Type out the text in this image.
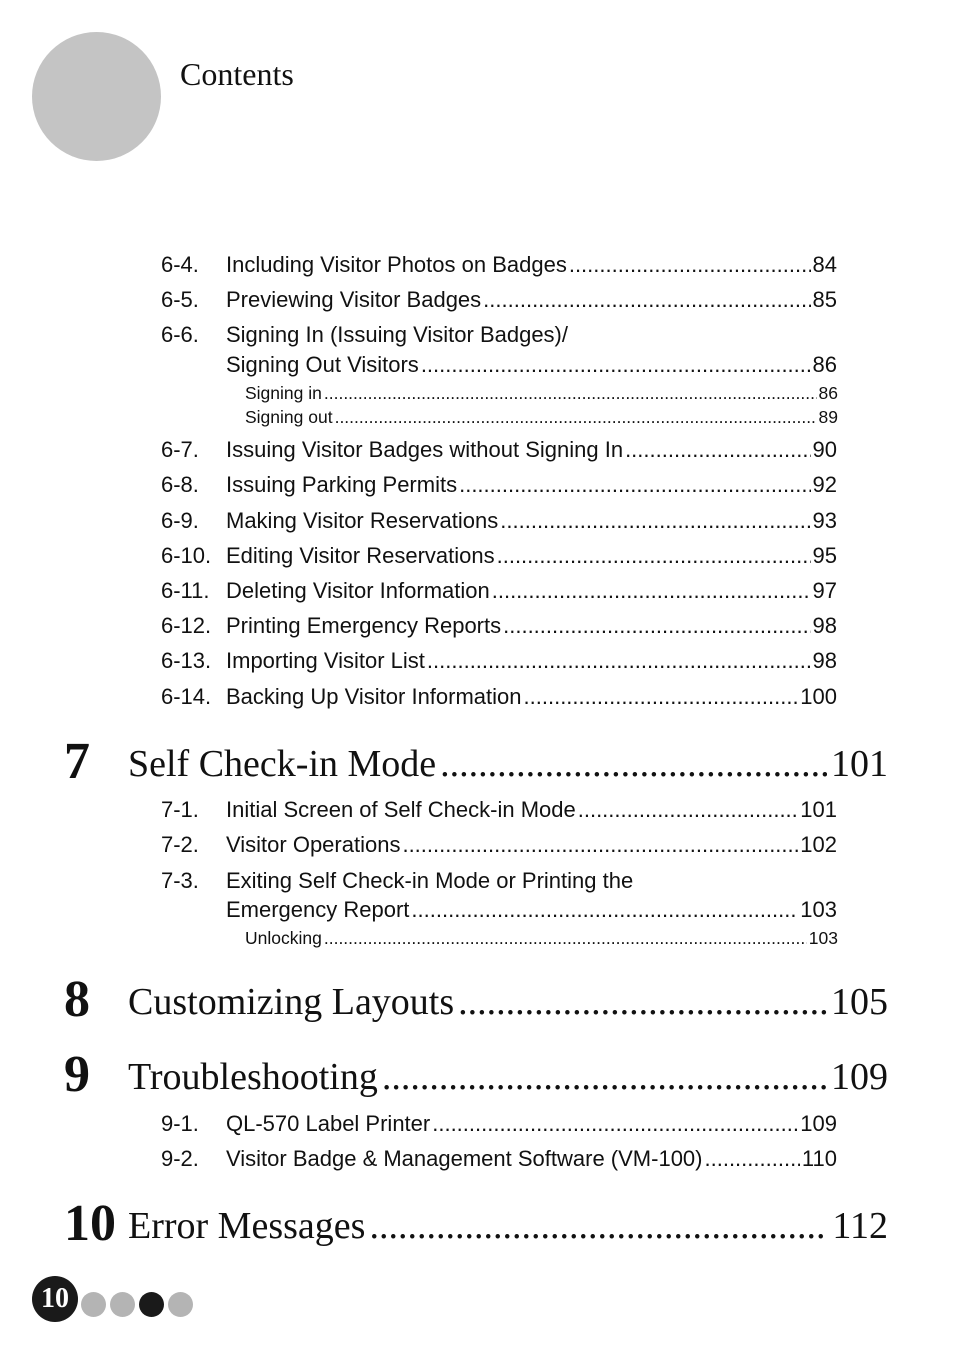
Contents
6-4. Including Visitor Photos on Badges .....	84
6-5. Previewing Visitor Badges .....	85
6-6. Signing In (Issuing Visitor Badges)/
Signing Out Visitors .....	86
Signing in .....	86
Signing out .....	89
6-7. Issuing Visitor Badges without Signing In .....	90
6-8. Issuing Parking Permits .....	92
6-9. Making Visitor Reservations .....	93
6-10. Editing Visitor Reservations .....	95
6-11. Deleting Visitor Information .....	97
6-12. Printing Emergency Reports .....	98
6-13. Importing Visitor List .....	98
6-14. Backing Up Visitor Information .....	100
7 Self Check-in Mode .....	101
7-1. Initial Screen of Self Check-in Mode .....	101
7-2. Visitor Operations .....	102
7-3. Exiting Self Check-in Mode or Printing the
Emergency Report .....	103
Unlocking .....	103
8 Customizing Layouts .....	105
9 Troubleshooting .....	109
9-1. QL-570 Label Printer .....	109
9-2. Visitor Badge & Management Software (VM-100) .....	110
10 Error Messages .....	112
10
